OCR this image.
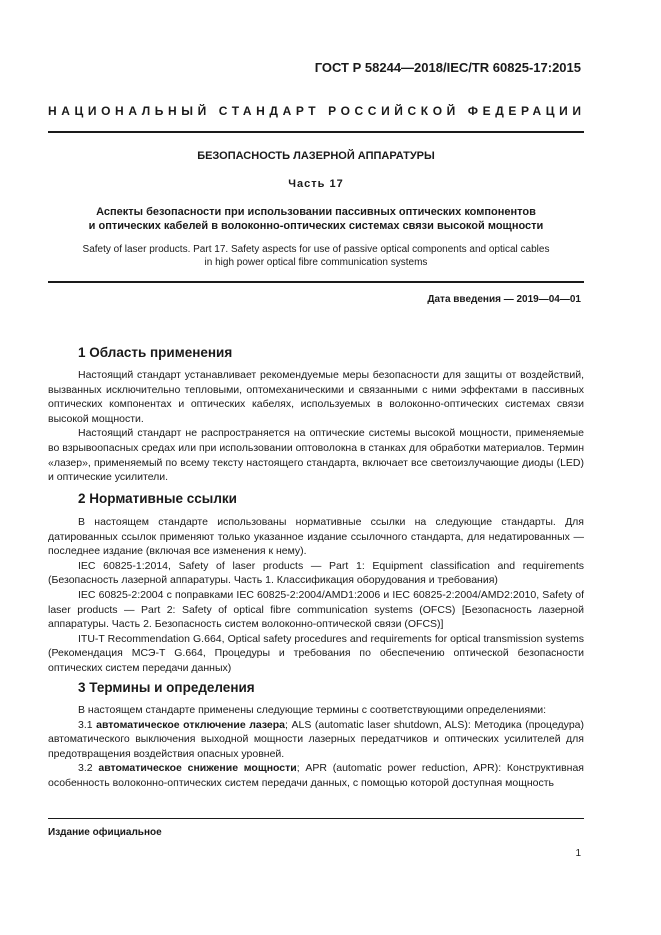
ГОСТ Р 58244—2018/IEC/TR 60825-17:2015
НАЦИОНАЛЬНЫЙ СТАНДАРТ РОССИЙСКОЙ ФЕДЕРАЦИИ
БЕЗОПАСНОСТЬ ЛАЗЕРНОЙ АППАРАТУРЫ
Часть 17
Аспекты безопасности при использовании пассивных оптических компонентов
и оптических кабелей в волоконно-оптических системах связи высокой мощности
Safety of laser products. Part 17. Safety aspects for use of passive optical components and optical cables
in high power optical fibre communication systems
Дата введения — 2019—04—01
1 Область применения

Настоящий стандарт устанавливает рекомендуемые меры безопасности для защиты от воздействий, вызванных исключительно тепловыми, оптомеханическими и связанными с ними эффектами в пассивных оптических компонентах и оптических кабелях, используемых в волоконно-оптических системах связи высокой мощности.

Настоящий стандарт не распространяется на оптические системы высокой мощности, применяемые во взрывоопасных средах или при использовании оптоволокна в станках для обработки материалов. Термин «лазер», применяемый по всему тексту настоящего стандарта, включает все светоизлучающие диоды (LED) и оптические усилители.

2 Нормативные ссылки

В настоящем стандарте использованы нормативные ссылки на следующие стандарты. Для датированных ссылок применяют только указанное издание ссылочного стандарта, для недатированных — последнее издание (включая все изменения к нему).

IEC 60825-1:2014, Safety of laser products — Part 1: Equipment classification and requirements (Безопасность лазерной аппаратуры. Часть 1. Классификация оборудования и требования)

IEC 60825-2:2004 с поправками IEC 60825-2:2004/AMD1:2006 и IEC 60825-2:2004/AMD2:2010, Safety of laser products — Part 2: Safety of optical fibre communication systems (OFCS) [Безопасность лазерной аппаратуры. Часть 2. Безопасность систем волоконно-оптической связи (OFCS)]

ITU-T Recommendation G.664, Optical safety procedures and requirements for optical transmission systems (Рекомендация МСЭ-Т G.664, Процедуры и требования по обеспечению оптической безопасности оптических систем передачи данных)

3 Термины и определения

В настоящем стандарте применены следующие термины с соответствующими определениями:

3.1 автоматическое отключение лазера; ALS (automatic laser shutdown, ALS): Методика (процедура) автоматического выключения выходной мощности лазерных передатчиков и оптических усилителей для предотвращения воздействия опасных уровней.

3.2 автоматическое снижение мощности; APR (automatic power reduction, APR): Конструктивная особенность волоконно-оптических систем передачи данных, с помощью которой доступная мощность

Издание официальное
1
